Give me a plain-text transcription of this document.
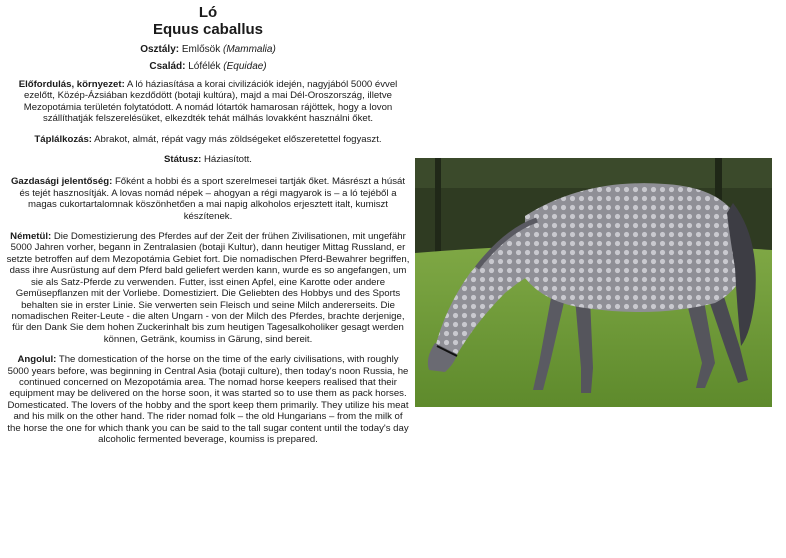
Ló

Equus caballus

Osztály: Emlősök (Mammalia)
Család: Lófélék (Equidae)

Előfordulás, környezet: A ló háziasítása a korai civilizációk idején, nagyjából 5000 évvel ezelőtt, Közép-Ázsiában kezdődött (botaji kultúra), majd a mai Dél-Oroszország, illetve Mezopotámia területén folytatódott. A nomád lótartók hamarosan rájöttek, hogy a lovon szállíthatják felszerelésüket, elkezdték tehát málhás lovakként használni őket.

Táplálkozás: Abrakot, almát, répát vagy más zöldségeket előszeretettel fogyaszt.

Státusz: Háziasított.

Gazdasági jelentőség: Főként a hobbi és a sport szerelmesei tartják őket. Másrészt a húsát és tejét hasznosítják. A lovas nomád népek – ahogyan a régi magyarok is – a ló tejéből a magas cukortartalomnak köszönhetően a mai napig alkoholos erjesztett italt, kumiszt készítenek.

Németül: Die Domestizierung des Pferdes auf der Zeit der frühen Zivilisationen, mit ungefähr 5000 Jahren vorher, begann in Zentralasien (botaji Kultur), dann heutiger Mittag Russland, er setzte betroffen auf dem Mezopotámia Gebiet fort. Die nomadischen Pferd-Bewahrer begriffen, dass ihre Ausrüstung auf dem Pferd bald geliefert werden kann, wurde es so angefangen, um sie als Satz-Pferde zu verwenden. Futter, isst einen Apfel, eine Karotte oder andere Gemüsepflanzen mit der Vorliebe. Domestiziert. Die Geliebten des Hobbys und des Sports behalten sie in erster Linie. Sie verwerten sein Fleisch und seine Milch andererseits. Die nomadischen Reiter-Leute - die alten Ungarn - von der Milch des Pferdes, brachte derjenige, für den Dank Sie dem hohen Zuckerinhalt bis zum heutigen Tagesalkoholiker gesagt werden können, Getränk, koumiss in Gärung, sind bereit.

Angolul: The domestication of the horse on the time of the early civilisations, with roughly 5000 years before, was beginning in Central Asia (botaji culture), then today's noon Russia, he continued concerned on Mezopotámia area. The nomad horse keepers realised that their equipment may be delivered on the horse soon, it was started so to use them as pack horses. Domesticated. The lovers of the hobby and the sport keep them primarily. They utilize his meat and his milk on the other hand. The rider nomad folk – the old Hungarians – from the milk of the horse the one for which thank you can be said to the tall sugar content until the today's day alcoholic fermented beverage, koumiss is prepared.
